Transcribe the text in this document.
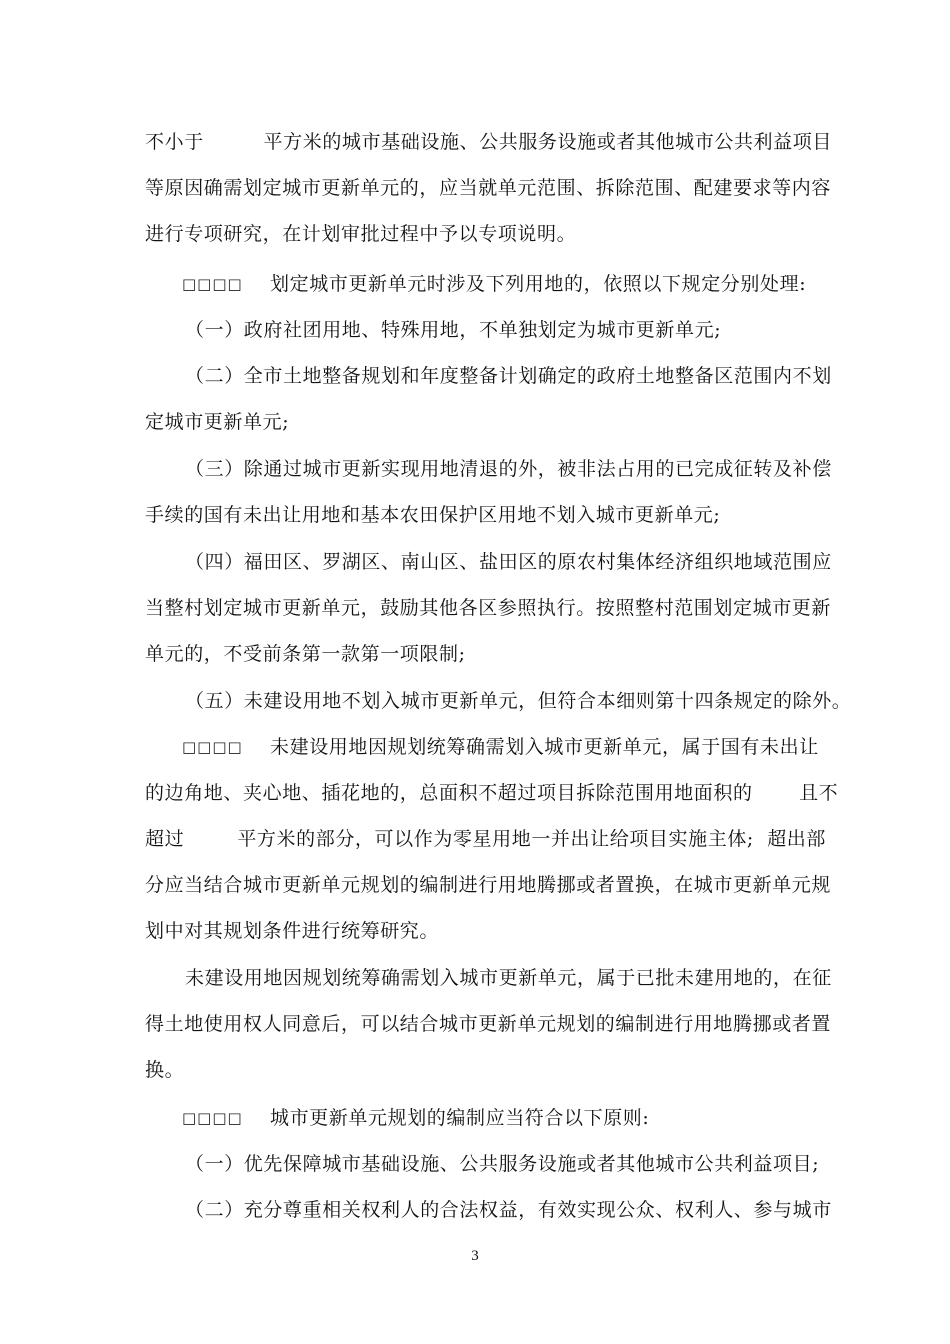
不小于         平方米的城市基础设施、公共服务设施或者其他城市公共利益项目
等原因确需划定城市更新单元的，应当就单元范围、拆除范围、配建要求等内容
进行专项研究，在计划审批过程中予以专项说明。
□□□□ 划定城市更新单元时涉及下列用地的，依照以下规定分别处理:
（一）政府社团用地、特殊用地，不单独划定为城市更新单元;
（二）全市土地整备规划和年度整备计划确定的政府土地整备区范围内不划
定城市更新单元;
（三）除通过城市更新实现用地清退的外，被非法占用的已完成征转及补偿
手续的国有未出让用地和基本农田保护区用地不划入城市更新单元;
（四）福田区、罗湖区、南山区、盐田区的原农村集体经济组织地域范围应
当整村划定城市更新单元，鼓励其他各区参照执行。按照整村范围划定城市更新
单元的，不受前条第一款第一项限制;
（五）未建设用地不划入城市更新单元，但符合本细则第十四条规定的除外。
□□□□ 未建设用地因规划统筹确需划入城市更新单元，属于国有未出让
的边角地、夹心地、插花地的，总面积不超过项目拆除范围用地面积的       且不
超过        平方米的部分，可以作为零星用地一并出让给项目实施主体;  超出部
分应当结合城市更新单元规划的编制进行用地腾挪或者置换，在城市更新单元规
划中对其规划条件进行统筹研究。
未建设用地因规划统筹确需划入城市更新单元，属于已批未建用地的，在征
得土地使用权人同意后，可以结合城市更新单元规划的编制进行用地腾挪或者置
换。
□□□□ 城市更新单元规划的编制应当符合以下原则:
（一）优先保障城市基础设施、公共服务设施或者其他城市公共利益项目;
（二）充分尊重相关权利人的合法权益，有效实现公众、权利人、参与城市
3
